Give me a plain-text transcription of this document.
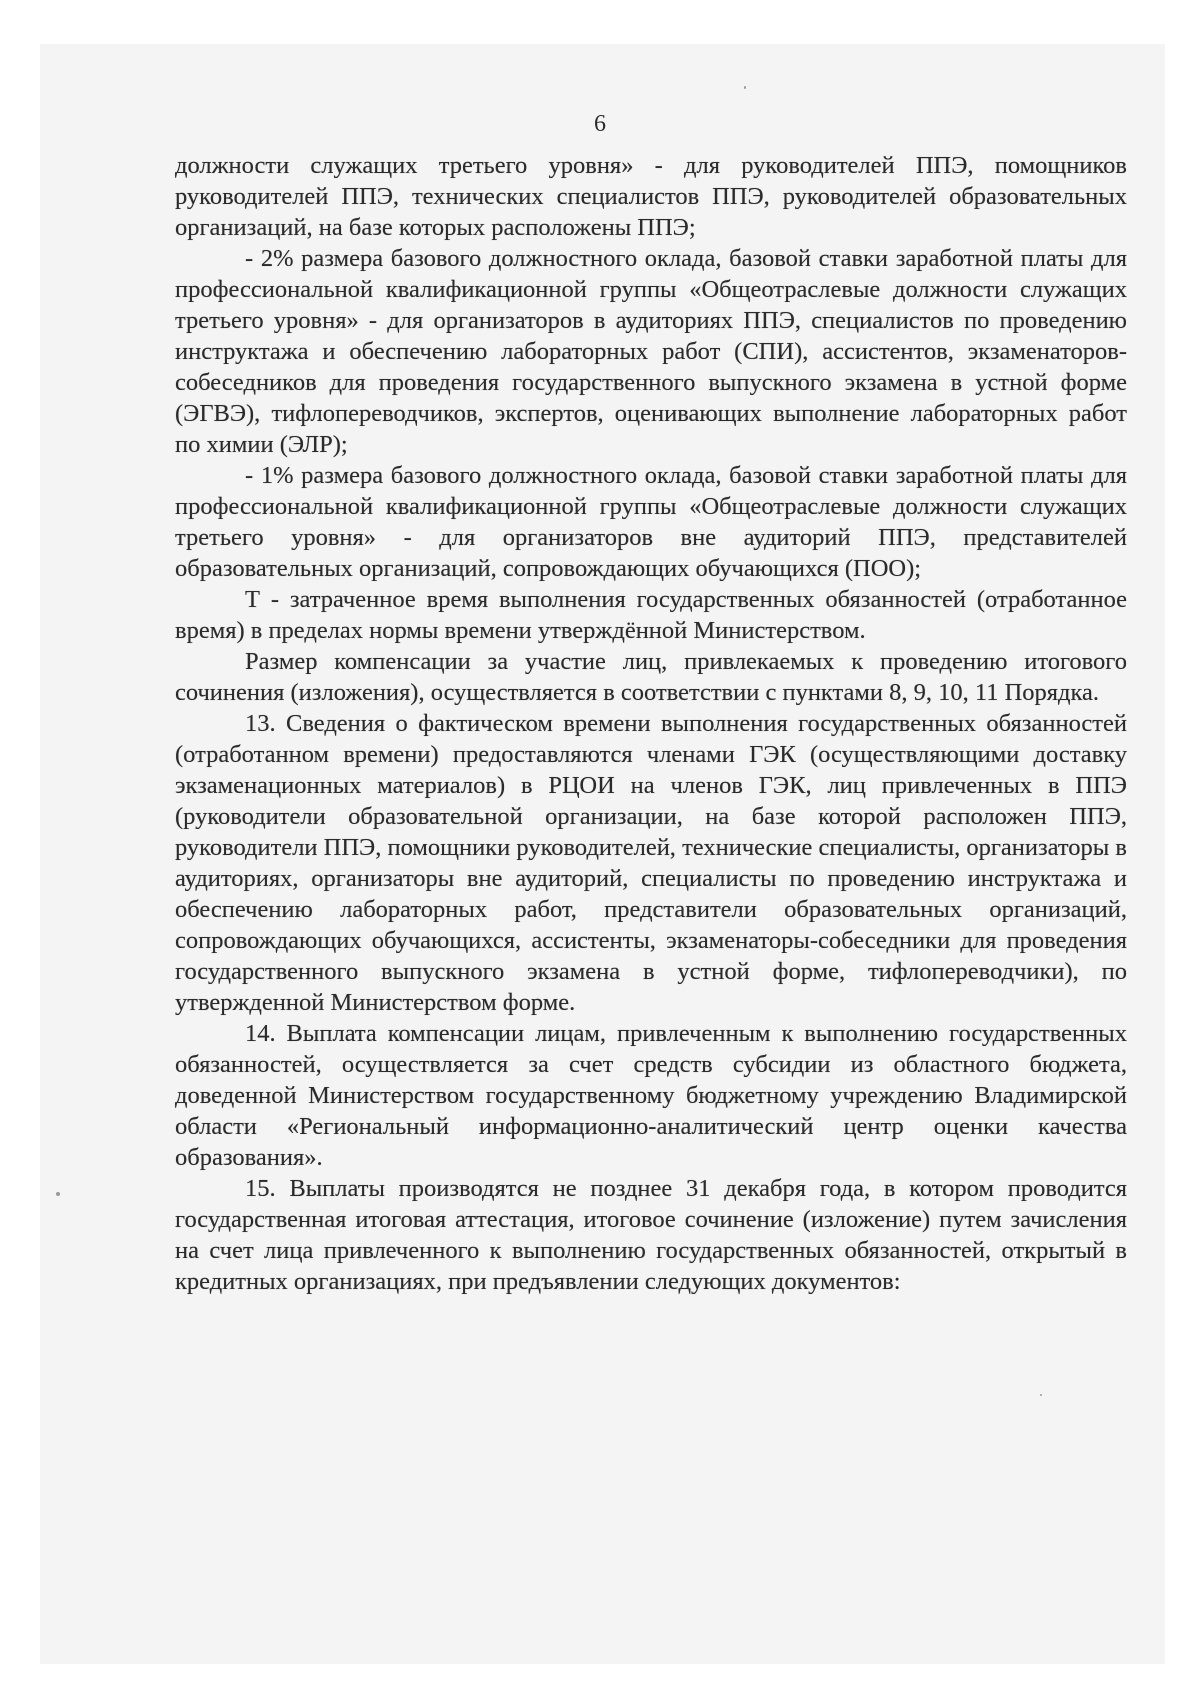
6

должности служащих третьего уровня» - для руководителей ППЭ, помощников руководителей ППЭ, технических специалистов ППЭ, руководителей образовательных организаций, на базе которых расположены ППЭ;

- 2% размера базового должностного оклада, базовой ставки заработной платы для профессиональной квалификационной группы «Общеотраслевые должности служащих третьего уровня» - для организаторов в аудиториях ППЭ, специалистов по проведению инструктажа и обеспечению лабораторных работ (СПИ), ассистентов, экзаменаторов-собеседников для проведения государственного выпускного экзамена в устной форме (ЭГВЭ), тифлопереводчиков, экспертов, оценивающих выполнение лабораторных работ по химии (ЭЛР);

- 1% размера базового должностного оклада, базовой ставки заработной платы для профессиональной квалификационной группы «Общеотраслевые должности служащих третьего уровня» - для организаторов вне аудиторий ППЭ, представителей образовательных организаций, сопровождающих обучающихся (ПОО);

Т - затраченное время выполнения государственных обязанностей (отработанное время) в пределах нормы времени утверждённой Министерством.

Размер компенсации за участие лиц, привлекаемых к проведению итогового сочинения (изложения), осуществляется в соответствии с пунктами 8, 9, 10, 11 Порядка.

13. Сведения о фактическом времени выполнения государственных обязанностей (отработанном времени) предоставляются членами ГЭК (осуществляющими доставку экзаменационных материалов) в РЦОИ на членов ГЭК, лиц привлеченных в ППЭ (руководители образовательной организации, на базе которой расположен ППЭ, руководители ППЭ, помощники руководителей, технические специалисты, организаторы в аудиториях, организаторы вне аудиторий, специалисты по проведению инструктажа и обеспечению лабораторных работ, представители образовательных организаций, сопровождающих обучающихся, ассистенты, экзаменаторы-собеседники для проведения государственного выпускного экзамена в устной форме, тифлопереводчики), по утвержденной Министерством форме.

14. Выплата компенсации лицам, привлеченным к выполнению государственных обязанностей, осуществляется за счет средств субсидии из областного бюджета, доведенной Министерством государственному бюджетному учреждению Владимирской области «Региональный информационно-аналитический центр оценки качества образования».

15. Выплаты производятся не позднее 31 декабря года, в котором проводится государственная итоговая аттестация, итоговое сочинение (изложение) путем зачисления на счет лица привлеченного к выполнению государственных обязанностей, открытый в кредитных организациях, при предъявлении следующих документов:
